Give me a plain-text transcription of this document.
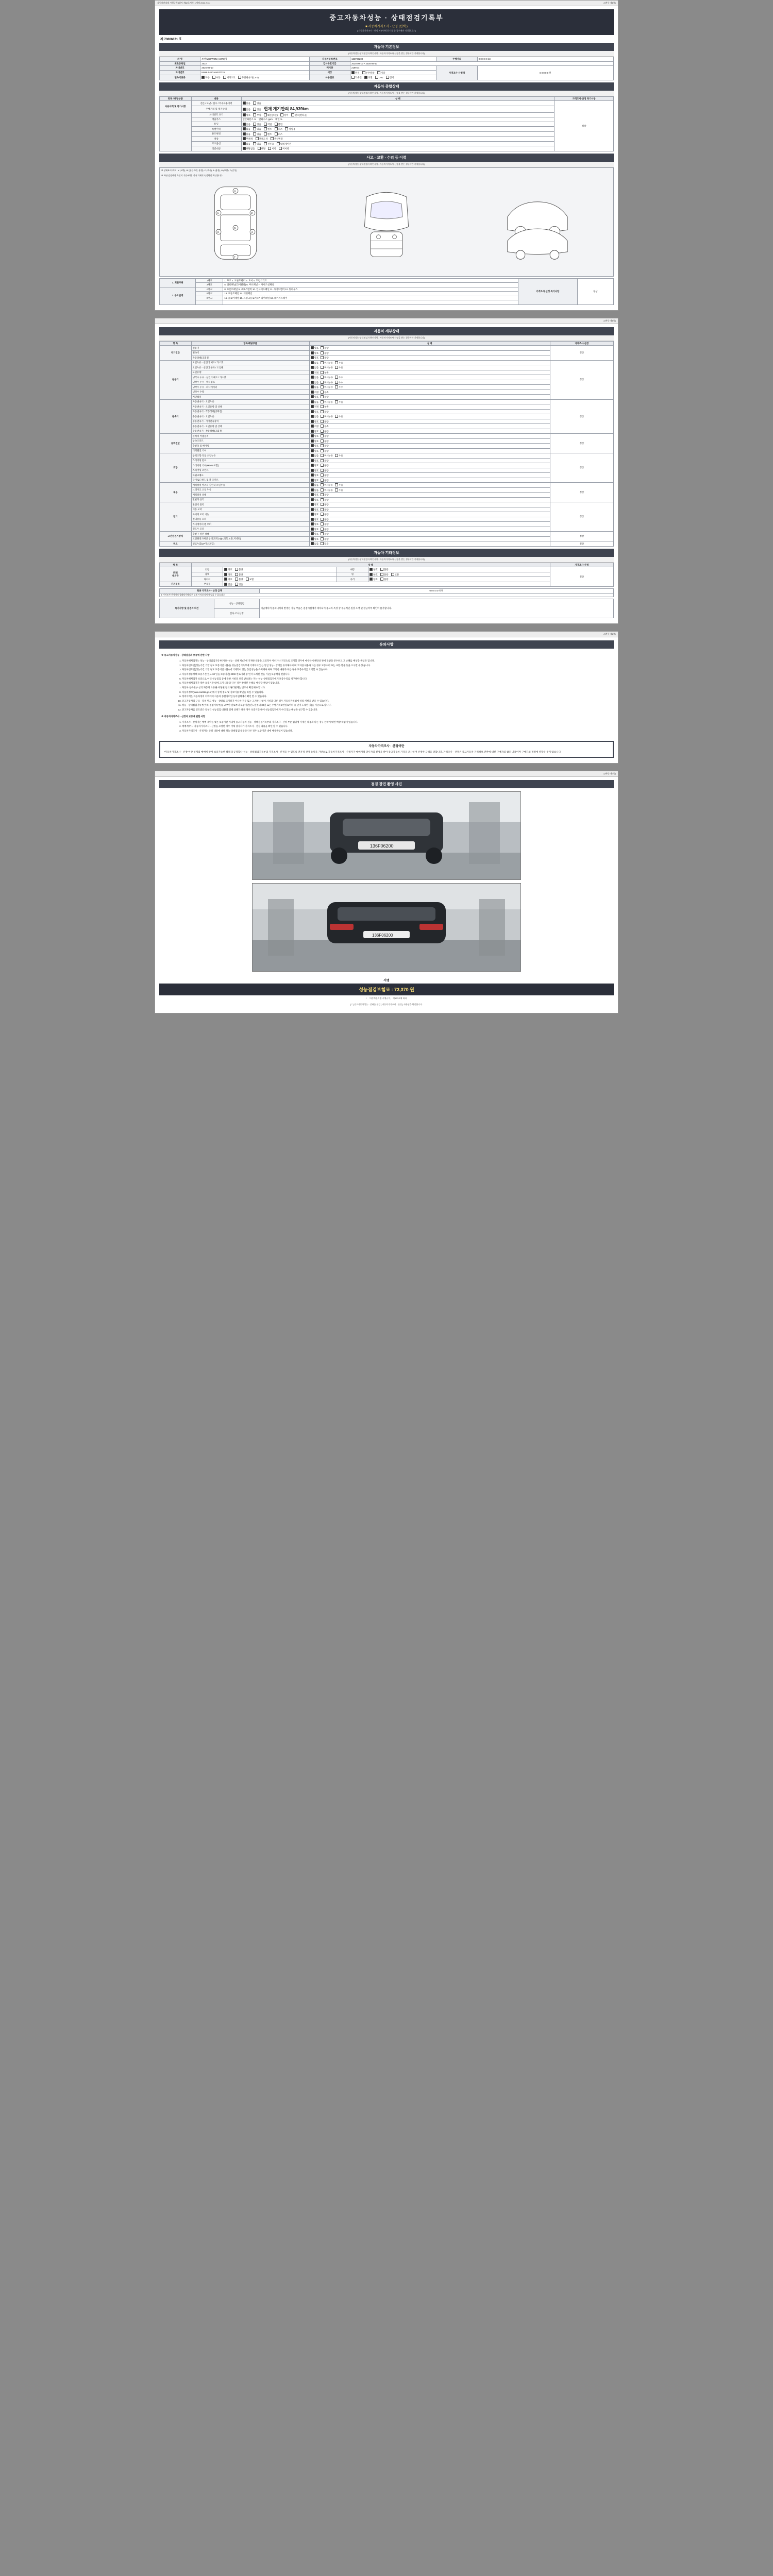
자동차관리법 시행규칙 [별지 제82호서식] <개정 2021.7.6.>	(3쪽중 제1쪽)
중고자동차성능 · 상태점검기록부
■ 자동차가격조사 · 산정 (선택 )
[ 자동차가격조사 · 산정 여부란에 표시를 한 경우에만 작성합니다 ]
제 73006071 호
자동차 기본정보
(자동차성능·상태점검자 확인사항 / 자동차가격조사·산정을 받는 경우에만 기재합니다)
차 명	쏘렌토(30WON) (4WD)형	자동차등록번호	136F06200	주행거리	0 0 0 0 0 km
최초등록일	2022	검사유효기간	2025-09-10 ~ 2025-09-10		
차대번호	2025-09-10	배기량	2199 cc	가격조사·산정액	0 0 0 0 0 원
차대번호	KMHLS41GMA537719	색상	원색 투톤칼라 기타		
변속기종류	자동 수동 세미오토 무단변속기(CVT)	사용연료	가솔린 디젤 LPG 전기		
자동차 종합상태
(자동차성능·상태점검자 확인사항 / 자동차가격조사·산정을 받는 경우에만 기재합니다)
항목 / 해당부품	내용	상 태	가격조사·산정 특기사항
사용이력 및 특기사항	전손 / 도난 / 침수 / 특수사용이력	없음 있음	정상
	주행거리 및 계기상태	없음 있음 현재 계기판의 84,939km	
	차대번호 표기	양호 부식 훼손(오손) 상이 변조(변타공)	
	배출가스	일산화탄소 % 탄화수소 ppm 매연 %	
	튜닝	없음 있음 적법 불법	
	특별이력	없음 있음 렌트 리스 영업용	
	용도변경	없음 있음 렌트 리스	
	색상	무채색 전체도색 색상변경	
	주요옵션	없음 있음 선루프 내비게이션	
	리콜대상	해당없음 해당 이행 미이행	
사고 · 교환 · 수리 등 이력
(자동차성능·상태점검자 확인사항 / 자동차가격조사·산정을 받는 경우에만 기재합니다)
※ 상태표시 부호 : X (교환), W (판금 또는 용접), C (부식), A (흠집), U (요철), T (손상)
※ 하단 담당해당 속성적 기준/부위, 기타 차체적 속성확인 확인합니다
1	2
3	4
5
6
7
1. 외판부위	1랭크	1. 후드 2. 프론트펜더 3. 도어 4. 트렁크리드	가격조사·산정 특기사항	정상
	2랭크	5. 쿼터패널(리어펜더) 6. 루프패널 7. 사이드실패널		
2. 주요골격	A랭크	8. 프론트패널 9. 크로스멤버 10. 인사이드패널 11. 사이드멤버 12. 휠하우스		
	B랭크	13. 프론트패널 14. 대쉬패널		
	C랭크	15. 플로어패널 16. 트렁크플로어 17. 리어패널 18. 패키지트레이		

(3쪽중 제1쪽)
자동차 세부상태
(자동차성능·상태점검자 확인사항 / 자동차가격조사·산정을 받는 경우에만 기재합니다)
항 목	항목/해당부품	상 태	가격조사·산정
자기진단	원동기	양호 불량	정상
	변속기	양호 불량	
	작동상태(공회전)	양호 불량	
원동기	오일누유 · 실린더 헤드 / 가스켓	없음 미세누유 누유	정상
	오일누유 · 실린더 블록 / 오일팬	없음 미세누유 누유	
	오일유량	적정 부족	
	냉각수 누수 · 실린더 헤드 / 가스켓	없음 미세누수 누수	
	냉각수 누수 · 워터펌프	없음 미세누수 누수	
	냉각수 누수 · 라디에이터	없음 미세누수 누수	
	냉각수 수량	적정 부족	
	커먼레일	양호 불량	
변속기	자동변속기 · 오일누유	없음 미세누유 누유	정상
	자동변속기 · 오일유량 및 상태	적정 부족	
	자동변속기 · 작동상태(공회전)	양호 불량	
	수동변속기 · 오일누유	없음 미세누유 누유	
	수동변속기 · 기어변속장치	양호 불량	
	수동변속기 · 오일유량 및 상태	적정 부족	
	수동변속기 · 작동상태(공회전)	양호 불량	
동력전달	클러치 어셈블리	양호 불량	정상
	등속조인트	양호 불량	
	추진축 및 베어링	양호 불량	
	디퍼렌셜 기어	양호 불량	
조향	동력조향 작동 오일누유	없음 미세누유 누유	정상
	스티어링 펌프	양호 불량	
	스티어링 기어(MDPS포함)	양호 불량	
	스티어링 조인트	양호 불량	
	파워크랭크	양호 불량	
	타이로드엔드 및 볼 조인트	양호 불량	
제동	배력장치 마스터 실린더 오일누유	없음 미세누유 누유	정상
	브레이크 오일 누유	없음 미세누유 누유	
	배력장치 상태	양호 불량	
	활판가 롤러	양호 불량	
전기	발전기 출력	양호 불량	정상
	시동 모터	양호 불량	
	와이퍼 모터 기능	양호 불량	
	실내송풍 모터	양호 불량	
	라디에이터 팬 모터	양호 불량	
	윈도우 모터	양호 불량	
고전원전기장치	충전구 절연 상태	양호 불량	정상
	고전원전기배선 상태(피복,high,피복,노출,커넥터)	양호 불량	
연료	연료누출(LP가스포함)	없음 있음	정상
자동차 기타정보
(자동차성능·상태점검자 확인사항 / 자동차가격조사·산정을 받는 경우에만 기재합니다)
항 목	상 태				가격조사·산정
外装
내외관	외장	양호 불량	내장	양호 불량	정상
	광택	양호 불량	휠	양호 불량 교환	
	타이어	양호 불량 교환	유리	양호 불량	
기본품목	부속품	없음 있음			
최종 가격조사 · 산정 금액	0 0 0 0 0 천원
※ 가격조사·산정자의 상태평가에 따른 실제 가격과 차이가 있을 수 있습니다.
특기사항 및 점검자 의견	성능 · 상태점검	비금에티커 중의니칙의 발생된 가능 부품은 검검시점에서 세차되어 중고차 특성 상 부분적인 원상 도색 및 판금여부 확인이 불가합니다.
검사·조사산정
(3쪽중 제2쪽)
유의사항
※ 중고자동차성능 · 상태점검과 보증에 관한 사항
1. 자동차해체업자는 성능 · 상태점검기록부(이하 "성능 · 상태 제3조에 기재한 내용을 고의적이 아니거나 거짓으로 고지할 경우에 매수인에 해당상 관에 말받을 준수하고 그 손해를 배상할 책임을 집니다.
2. 자동차인도일(성능기간 거만 정도 보증기간 내용을 성능점검기록부에 기재되어 있는 동일 성능 · 상태를 유지해야 하며 고지한 내용과 다를 경우 보증수리 또는 교환·환불 등을 요구할 수 있습니다.
3. 자동차인도일(성능기간 거만 정도 보증기간 내용)에 기재되어 있는 동일성능을 유지해야 하며 고지한 내용과 다를 경우 보증수리를 요청할 수 있습니다.
4. 자동차성능상태 보증기간(인도 30 일을 보증기간) 2000 킬로미터 중 먼저 도래한 것을 기준) 보증책임 전합니다.
5. 자동차해체업자 보증으로 이내 성능점검 등에 관한 사항을 보증 받으려는 자는 성능·상태점검자에게 보증수리를 청구해야 합니다.
6. 자동차해체업자가 정한 보증기간 내에 고지 내용과 다른 경우 발생된 손해를 배상할 책임이 있습니다.
7. 자동차 등록원부 상의 자동차 소유권·저당권 등의 권리관계는 반드시 확인해야 합니다.
8. 자동차정보(www.car365.go.kr)에서 상세 정보 및 정보이용 확인을 하실 수 있습니다.
9. 정비이력은 자동차정비 이력에서 자동차 종합정비업 등록업체에서 확인 할 수 있습니다.
10. 중고자동차의 구조 · 장치 별도 성능 · 상태를 고지하지 아니한 경우 또는 고지한 사항이 사실과 다른 경우 자동차관리법에 따라 처벌을 받을 수 있습니다.
11. 성능 · 상태점검기록부(이하 점검기록부)를 교부한 날로부터 보증기간(인도일부터 30일 또는 주행거리 2천킬로미터 중 먼저 도래한 것)을 기준으로 합니다.
12. 중고자동차를 인도받은 날부터 성능점검 내용과 실제 상태가 다른 경우 보증기간 내에 성능점검자에게 수리 또는 배상을 청구할 수 있습니다.
※ 자동차가격조사 · 산정자 보증에 관한 사항
1. 가격조사 · 산정자는 매매 계약을 맺은 보증기간 이내에 중고자동차 성능 · 상태점검기록부의 가격조사 · 산정 부분 범위에 기재된 내용과 다른 경우 손해에 대한 배상 책임이 있습니다.
2. 매매계약 시 자동차가격조사 · 산정을 요청한 경우 거래 당사자가 가격조사 · 산정 내용을 확인 할 수 있습니다.
3. 자동차가격조사 · 산정자는 산정 내용에 대해 성능·상태점검 내용과 다른 경우 보증기간 내에 배상책임이 있습니다.
자동차가격조사 · 산정이란
"자동차가격조사 · 산정"이란 실제의 매매에 앞서 보증가능한 해체 물공적합나 성능 · 상태점검기록부의 가격조사 · 산정을 수 있도록 전문적 산정 능력을 기반으로 자동차가격조사 · 산정자가 매매거래 당사자의 신청을 받아 중고자동차 가격을 조사하여 산정한 금액을 말합니다. 가격조사 · 산정은 중고자동차 가격정보 전반에 대한 구매자의 참조 내용이며 구매자의 결정에 영향을 주지 않습니다.
(3쪽중 제3쪽)
점검 장면 촬영 사진
136F06200
136F06200
서명
성능점검보험료 : 73,370 원
* 「자동차관리법 시행규칙」 제120조에 따라
[ㅜ] 중고자동차성능 · 상태를 점검 [ 자동차가격조사 · 산정 ] 사항임을 확인합니다.
